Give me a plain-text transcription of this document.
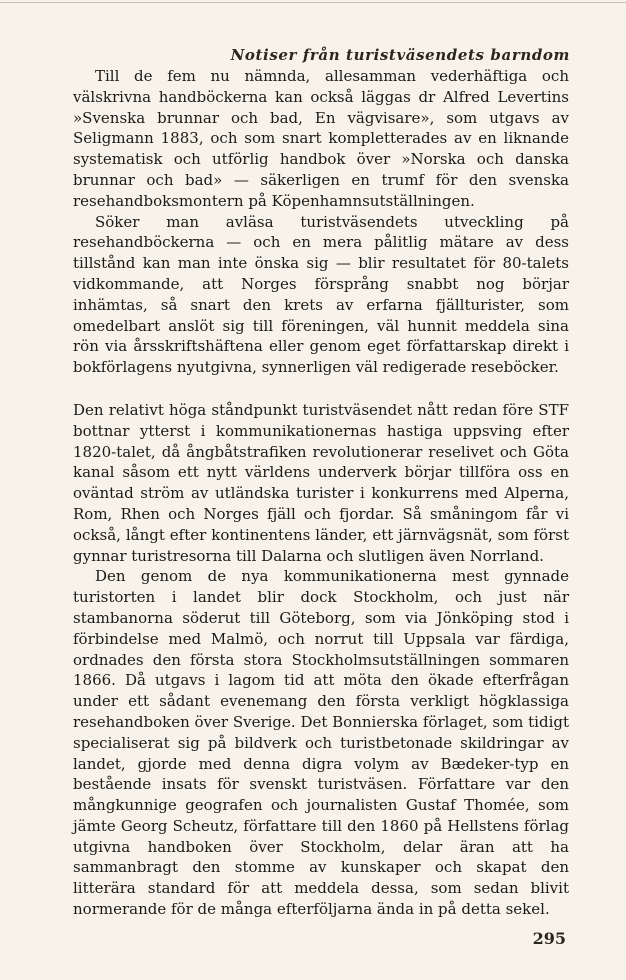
Notiser från turistväsendets barndom

Till de fem nu nämnda, allesamman vederhäftiga och välskrivna handböckerna kan också läggas dr Alfred Levertins »Svenska brunnar och bad, En vägvisare», som utgavs av Seligmann 1883, och som snart kompletterades av en liknande systematisk och utförlig handbok över »Norska och danska brunnar och bad» — säkerligen en trumf för den svenska resehandboksmontern på Köpenhamnsutställningen.

Söker man avläsa turistväsendets utveckling på resehandböckerna — och en mera pålitlig mätare av dess tillstånd kan man inte önska sig — blir resultatet för 80-talets vidkommande, att Norges försprång snabbt nog börjar inhämtas, så snart den krets av erfarna fjällturister, som omedelbart anslöt sig till föreningen, väl hunnit meddela sina rön via årsskriftshäftena eller genom eget författarskap direkt i bokförlagens nyutgivna, synnerligen väl redigerade reseböcker.

Den relativt höga ståndpunkt turistväsendet nått redan före STF bottnar ytterst i kommunikationernas hastiga uppsving efter 1820-talet, då ångbåtstrafiken revolutionerar reselivet och Göta kanal såsom ett nytt världens underverk börjar tillföra oss en oväntad ström av utländska turister i konkurrens med Alperna, Rom, Rhen och Norges fjäll och fjordar. Så småningom får vi också, långt efter kontinentens länder, ett järnvägsnät, som först gynnar turistresorna till Dalarna och slutligen även Norrland.

Den genom de nya kommunikationerna mest gynnade turistorten i landet blir dock Stockholm, och just när stambanorna söderut till Göteborg, som via Jönköping stod i förbindelse med Malmö, och norrut till Uppsala var färdiga, ordnades den första stora Stockholmsutställningen sommaren 1866. Då utgavs i lagom tid att möta den ökade efterfrågan under ett sådant evenemang den första verkligt högklassiga resehandboken över Sverige. Det Bonnierska förlaget, som tidigt specialiserat sig på bildverk och turistbetonade skildringar av landet, gjorde med denna digra volym av Bædeker-typ en bestående insats för svenskt turistväsen. Författare var den mångkunnige geografen och journalisten Gustaf Thomée, som jämte Georg Scheutz, författare till den 1860 på Hellstens förlag utgivna handboken över Stockholm, delar äran att ha sammanbragt den stomme av kunskaper och skapat den litterära standard för att meddela dessa, som sedan blivit normerande för de många efterföljarna ända in på detta sekel.

295
